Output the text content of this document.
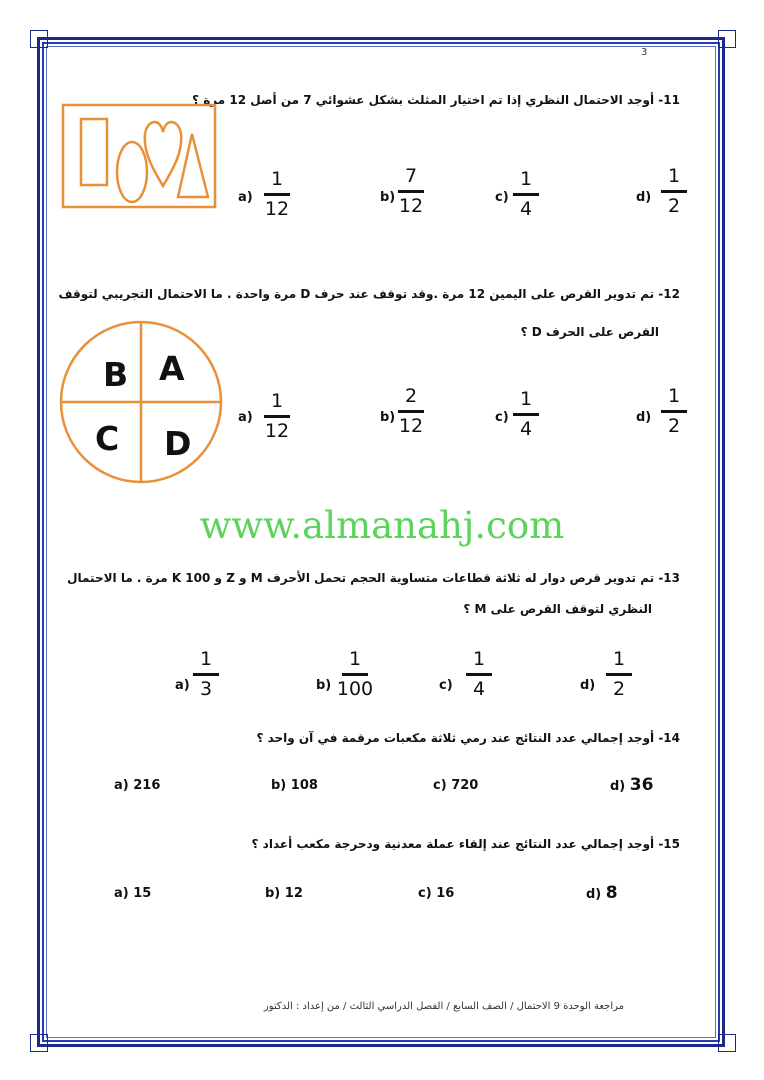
3
11- أوجد الاحتمال النظري إذا تم اختيار المثلث بشكل عشوائي 7 من أصل 12 مرة ؟
a)
1
12
b)
7
12	c)
1
4
d)
1
2
12- تم تدوير القرص على اليمين 12 مرة .وقد توقف عند حرف D مرة واحدة . ما الاحتمال التجريبي لتوقف
القرص على الحرف D ؟
A
B
C D
a)
1
12
b)
2
12	c)
1
4
d)
1
2
www.almanahj.com
13- تم تدوير قرص دوار له ثلاثة قطاعات متساوية الحجم تحمل الأحرف M و Z و K 100 مرة . ما الاحتمال
النظري لتوقف القرص على M ؟
a)
1
3	b)
1
100	c)
1
4	d)
1
2
14- أوجد إجمالي عدد النتائج عند رمي ثلاثة مكعبات مرقمة في آن واحد ؟
a) 216	b) 108	c) 720	d) 36
15- أوجد إجمالي عدد النتائج عند إلقاء عملة معدنية ودحرجة مكعب أعداد ؟
a) 15	b) 12	c) 16	d) 8
مراجعة الوحدة 9 الاحتمال / الصف السابع / الفصل الدراسي الثالث / من إعداد : الدكتور
